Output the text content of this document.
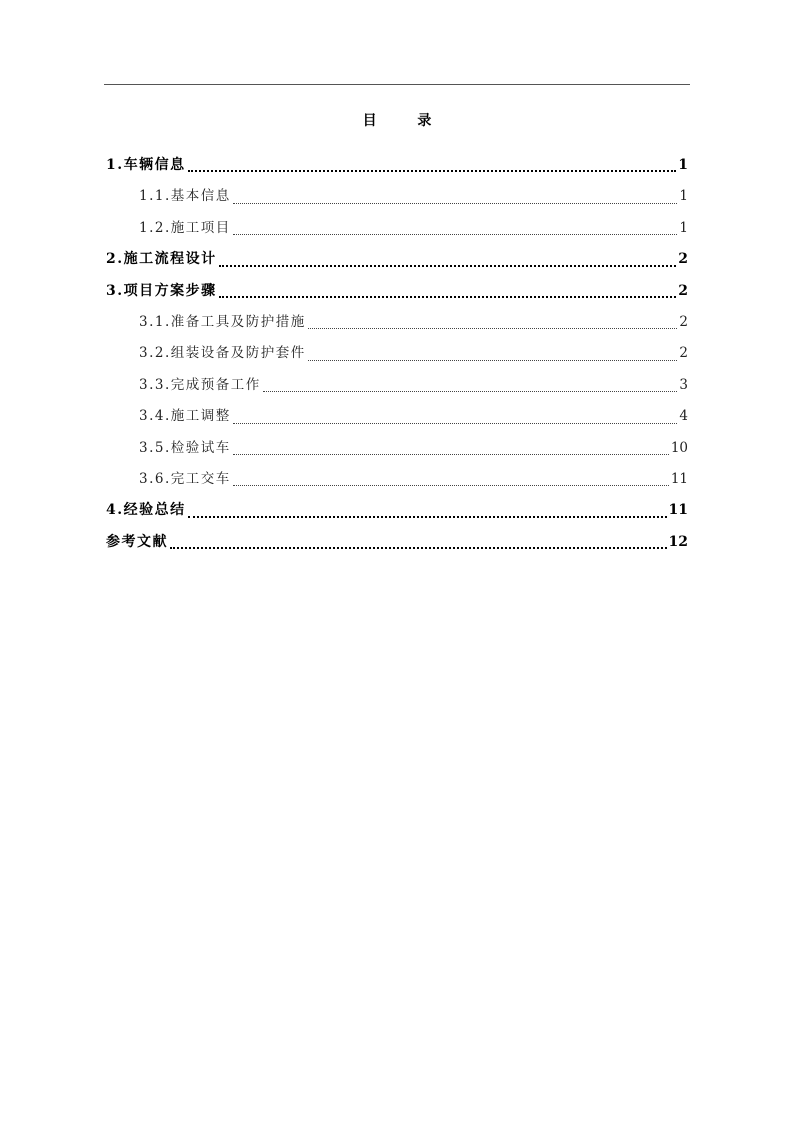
目 录
1.车辆信息	1
1.1.基本信息	1
1.2.施工项目	1
2.施工流程设计	2
3.项目方案步骤	2
3.1.准备工具及防护措施	2
3.2.组装设备及防护套件	2
3.3.完成预备工作	3
3.4.施工调整	4
3.5.检验试车	10
3.6.完工交车	11
4.经验总结	11
参考文献	12
